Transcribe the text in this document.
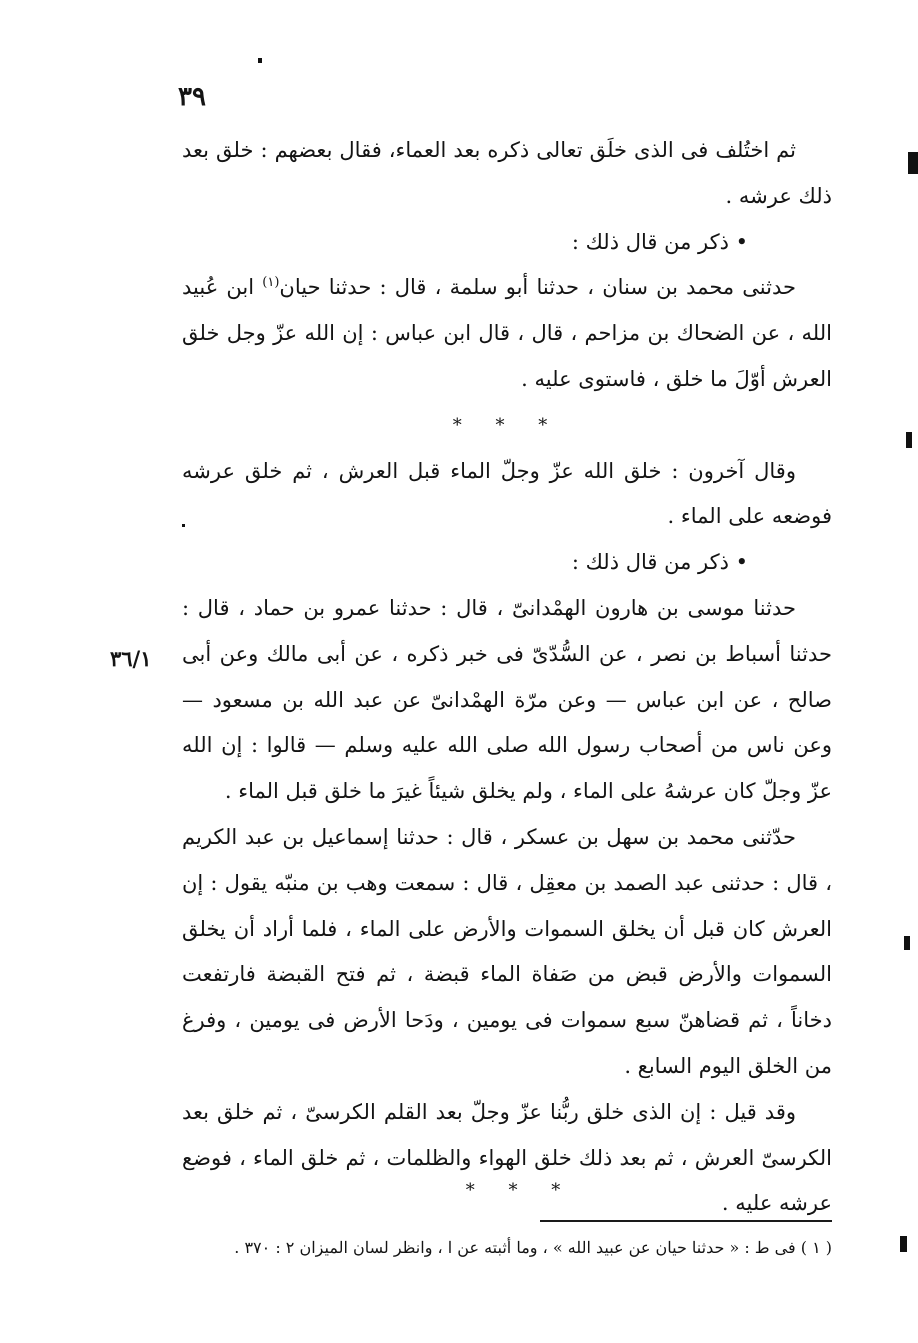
٣٩
٣٦/١

ثم اختُلف فى الذى خلَق تعالى ذكره بعد العماء، فقال بعضهم : خلق بعد ذلك عرشه .

• ذكر من قال ذلك :

حدثنى محمد بن سنان ، حدثنا أبو سلمة ، قال : حدثنا حيان$^{(١)}$ ابن عُبيد الله ، عن الضحاك بن مزاحم ، قال ، قال ابن عباس : إن الله عزّ وجل خلق العرش أوّلَ ما خلق ، فاستوى عليه .

* * *

وقال آخرون : خلق الله عزّ وجلّ الماء قبل العرش ، ثم خلق عرشه فوضعه على الماء .

• ذكر من قال ذلك :

حدثنا موسى بن هارون الهمْدانىّ ، قال : حدثنا عمرو بن حماد ، قال : حدثنا أسباط بن نصر ، عن السُّدّىّ فى خبر ذكره ، عن أبى مالك وعن أبى صالح ، عن ابن عباس — وعن مرّة الهمْدانىّ عن عبد الله بن مسعود — وعن ناس من أصحاب رسول الله صلى الله عليه وسلم — قالوا : إن الله عزّ وجلّ كان عرشهُ على الماء ، ولم يخلق شيئاً غيرَ ما خلق قبل الماء .

حدّثنى محمد بن سهل بن عسكر ، قال : حدثنا إسماعيل بن عبد الكريم ، قال : حدثنى عبد الصمد بن معقِل ، قال : سمعت وهب بن منبّه يقول : إن العرش كان قبل أن يخلق السموات والأرض على الماء ، فلما أراد أن يخلق السموات والأرض قبض من صَفاة الماء قبضة ، ثم فتح القبضة فارتفعت دخاناً ، ثم قضاهنّ سبع سموات فى يومين ، ودَحا الأرض فى يومين ، وفرغ من الخلق اليوم السابع .

وقد قيل : إن الذى خلق ربُّنا عزّ وجلّ بعد القلم الكرسىّ ، ثم خلق بعد الكرسىّ العرش ، ثم بعد ذلك خلق الهواء والظلمات ، ثم خلق الماء ، فوضع عرشه عليه .

* * *
( ١ ) فى ط : « حدثنا حيان عن عبيد الله » ، وما أثبته عن ا ، وانظر لسان الميزان ٢ : ٣٧٠ .
